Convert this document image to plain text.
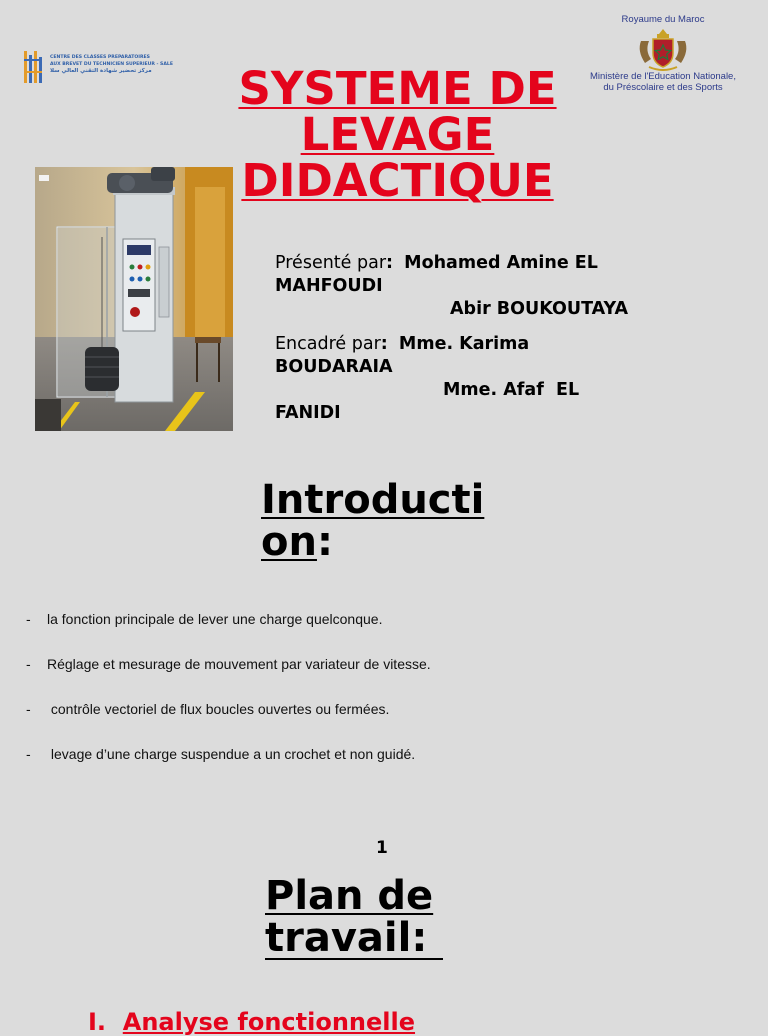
CENTRE DES CLASSES PREPARATOIRES
AUX BREVET DU TECHNICIEN SUPERIEUR - SALE
مركز تحضير شهادة التقني العالي سلا
Royaume du Maroc
Ministère de l'Education Nationale,
du Préscolaire et des Sports
SYSTEME DE
LEVAGE
DIDACTIQUE
Présenté par: Mohamed Amine EL
MAHFOUDI
Abir BOUKOUTAYA
Encadré par: Mme. Karima
BOUDARAIA
Mme. Afaf  EL
FANIDI
Introducti
on:
- la fonction principale de lever une charge quelconque.
- Réglage et mesurage de mouvement par variateur de vitesse.
- contrôle vectoriel de flux boucles ouvertes ou fermées.
- levage d’une charge suspendue a un crochet et non guidé.
1
Plan de
travail:
I. Analyse fonctionnelle
